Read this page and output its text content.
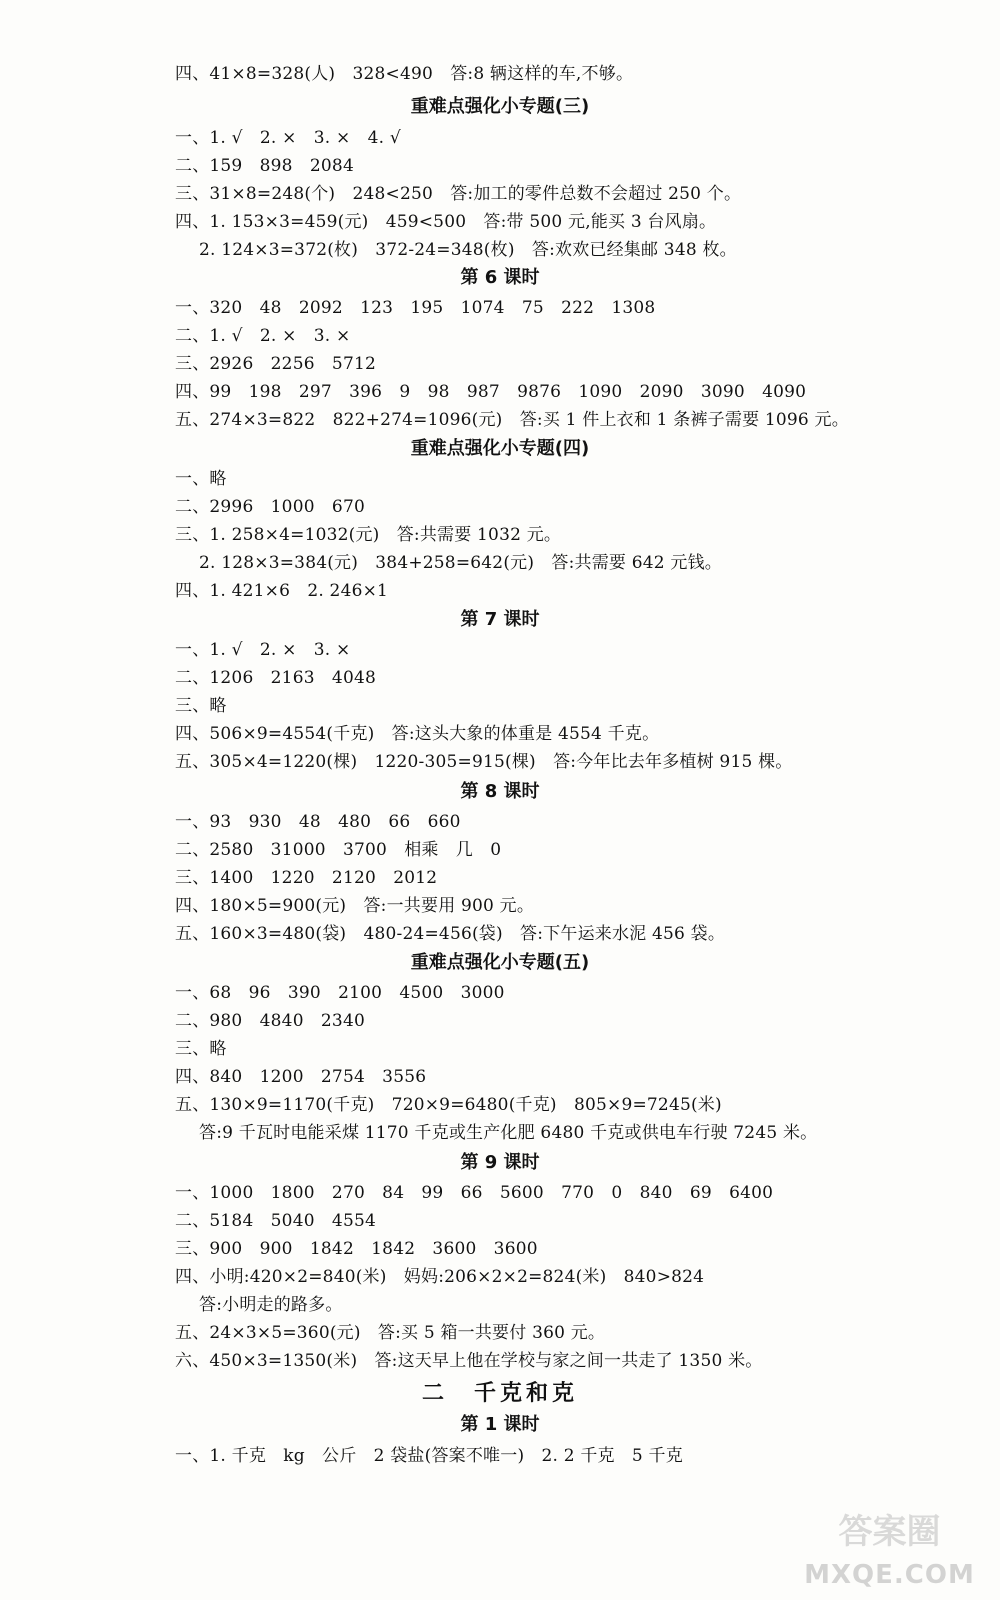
四、41×8=328(人)　328<490　答:8 辆这样的车,不够。
重难点强化小专题(三)
一、1. √　2. ×　3. ×　4. √
二、159　898　2084
三、31×8=248(个)　248<250　答:加工的零件总数不会超过 250 个。
四、1. 153×3=459(元)　459<500　答:带 500 元,能买 3 台风扇。
2. 124×3=372(枚)　372-24=348(枚)　答:欢欢已经集邮 348 枚。
第 6 课时
一、320　48　2092　123　195　1074　75　222　1308
二、1. √　2. ×　3. ×
三、2926　2256　5712
四、99　198　297　396　9　98　987　9876　1090　2090　3090　4090
五、274×3=822　822+274=1096(元)　答:买 1 件上衣和 1 条裤子需要 1096 元。
重难点强化小专题(四)
一、略
二、2996　1000　670
三、1. 258×4=1032(元)　答:共需要 1032 元。
2. 128×3=384(元)　384+258=642(元)　答:共需要 642 元钱。
四、1. 421×6　2. 246×1
第 7 课时
一、1. √　2. ×　3. ×
二、1206　2163　4048
三、略
四、506×9=4554(千克)　答:这头大象的体重是 4554 千克。
五、305×4=1220(棵)　1220-305=915(棵)　答:今年比去年多植树 915 棵。
第 8 课时
一、93　930　48　480　66　660
二、2580　31000　3700　相乘　几　0
三、1400　1220　2120　2012
四、180×5=900(元)　答:一共要用 900 元。
五、160×3=480(袋)　480-24=456(袋)　答:下午运来水泥 456 袋。
重难点强化小专题(五)
一、68　96　390　2100　4500　3000
二、980　4840　2340
三、略
四、840　1200　2754　3556
五、130×9=1170(千克)　720×9=6480(千克)　805×9=7245(米)
答:9 千瓦时电能采煤 1170 千克或生产化肥 6480 千克或供电车行驶 7245 米。
第 9 课时
一、1000　1800　270　84　99　66　5600　770　0　840　69　6400
二、5184　5040　4554
三、900　900　1842　1842　3600　3600
四、小明:420×2=840(米)　妈妈:206×2×2=824(米)　840>824
答:小明走的路多。
五、24×3×5=360(元)　答:买 5 箱一共要付 360 元。
六、450×3=1350(米)　答:这天早上他在学校与家之间一共走了 1350 米。
二　千克和克
第 1 课时
一、1. 千克　kg　公斤　2 袋盐(答案不唯一)　2. 2 千克　5 千克
答案圈
MXQE.COM
